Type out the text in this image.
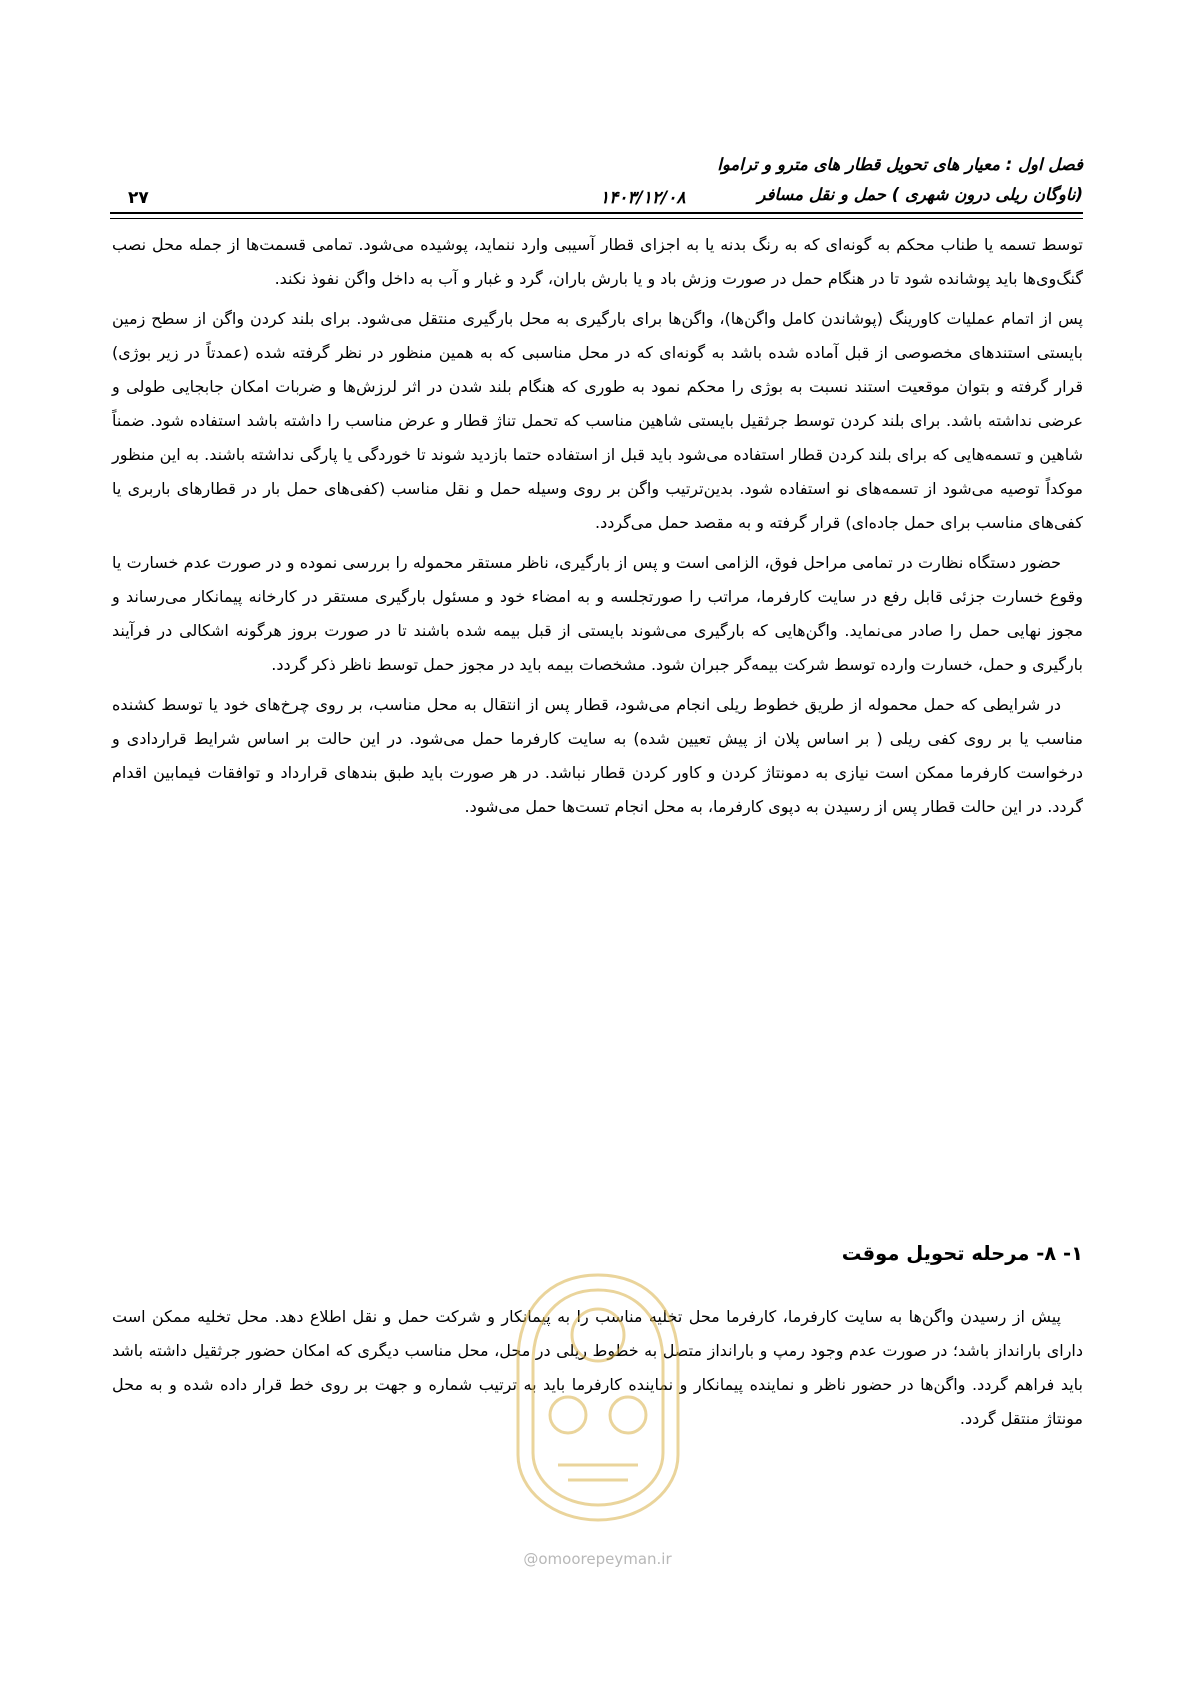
فصل اول : معیار های تحویل قطار های مترو و تراموا
(ناوگان ریلی درون شهری ) حمل و نقل مسافر
۱۴۰۳/۱۲/۰۸
۲۷

توسط تسمه یا طناب محکم به گونه‌ای که به رنگ بدنه یا به اجزای قطار آسیبی وارد ننماید، پوشیده می‌شود. تمامی قسمت‌ها از جمله محل نصب گنگ‌وی‌ها باید پوشانده شود تا در هنگام حمل در صورت وزش باد و یا بارش باران، گرد و غبار و آب به داخل واگن نفوذ نکند.

پس از اتمام عملیات کاورینگ (پوشاندن کامل واگن‌ها)، واگن‌ها برای بارگیری به محل بارگیری منتقل می‌شود. برای بلند کردن واگن از سطح زمین بایستی استندهای مخصوصی از قبل آماده شده باشد به گونه‌ای که در محل مناسبی که به همین منظور در نظر گرفته شده (عمدتاً در زیر بوژی) قرار گرفته و بتوان موقعیت استند نسبت به بوژی را محکم نمود به طوری که هنگام بلند شدن در اثر لرزش‌ها و ضربات امکان جابجایی طولی و عرضی نداشته باشد. برای بلند کردن توسط جرثقیل بایستی شاهین مناسب که تحمل تناژ قطار و عرض مناسب را داشته باشد استفاده شود. ضمناً شاهین و تسمه‌هایی که برای بلند کردن قطار استفاده می‌شود باید قبل از استفاده حتما بازدید شوند تا خوردگی یا پارگی نداشته باشند. به این منظور موکداً توصیه می‌شود از تسمه‌های نو استفاده شود. بدین‌ترتیب واگن بر روی وسیله حمل و نقل مناسب (کفی‌های حمل بار در قطارهای باربری یا کفی‌های مناسب برای حمل جاده‌ای) قرار گرفته و به مقصد حمل می‌گردد.

حضور دستگاه نظارت در تمامی مراحل فوق، الزامی است و پس از بارگیری، ناظر مستقر محموله را بررسی نموده و در صورت عدم خسارت یا وقوع خسارت جزئی قابل رفع در سایت کارفرما، مراتب را صورتجلسه و به امضاء خود و مسئول بارگیری مستقر در کارخانه پیمانکار می‌رساند و مجوز نهایی حمل را صادر می‌نماید. واگن‌هایی که بارگیری می‌شوند بایستی از قبل بیمه شده باشند تا در صورت بروز هرگونه اشکالی در فرآیند بارگیری و حمل، خسارت وارده توسط شرکت بیمه‌گر جبران شود. مشخصات بیمه باید در مجوز حمل توسط ناظر ذکر گردد.

در شرایطی که حمل محموله از طریق خطوط ریلی انجام می‌شود، قطار پس از انتقال به محل مناسب، بر روی چرخ‌های خود یا توسط کشنده مناسب یا بر روی کفی ریلی ( بر اساس پلان از پیش تعیین شده) به سایت کارفرما حمل می‌شود. در این حالت بر اساس شرایط قراردادی و درخواست کارفرما ممکن است نیازی به دمونتاژ کردن و کاور کردن قطار نباشد. در هر صورت باید طبق بندهای قرارداد و توافقات فیمابین اقدام گردد. در این حالت قطار پس از رسیدن به دپوی کارفرما، به محل انجام تست‌ها حمل می‌شود.

۱- ۸- مرحله تحویل موقت

پیش از رسیدن واگن‌ها به سایت کارفرما، کارفرما محل تخلیه مناسب را به پیمانکار و شرکت حمل و نقل اطلاع دهد. محل تخلیه ممکن است دارای بارانداز باشد؛ در صورت عدم وجود رمپ و بارانداز متصل به خطوط ریلی در محل، محل مناسب دیگری که امکان حضور جرثقیل داشته باشد باید فراهم گردد. واگن‌ها در حضور ناظر و نماینده پیمانکار و نماینده کارفرما باید به ترتیب شماره و جهت بر روی خط قرار داده شده و به محل مونتاژ منتقل گردد.

@omoorepeyman.ir
